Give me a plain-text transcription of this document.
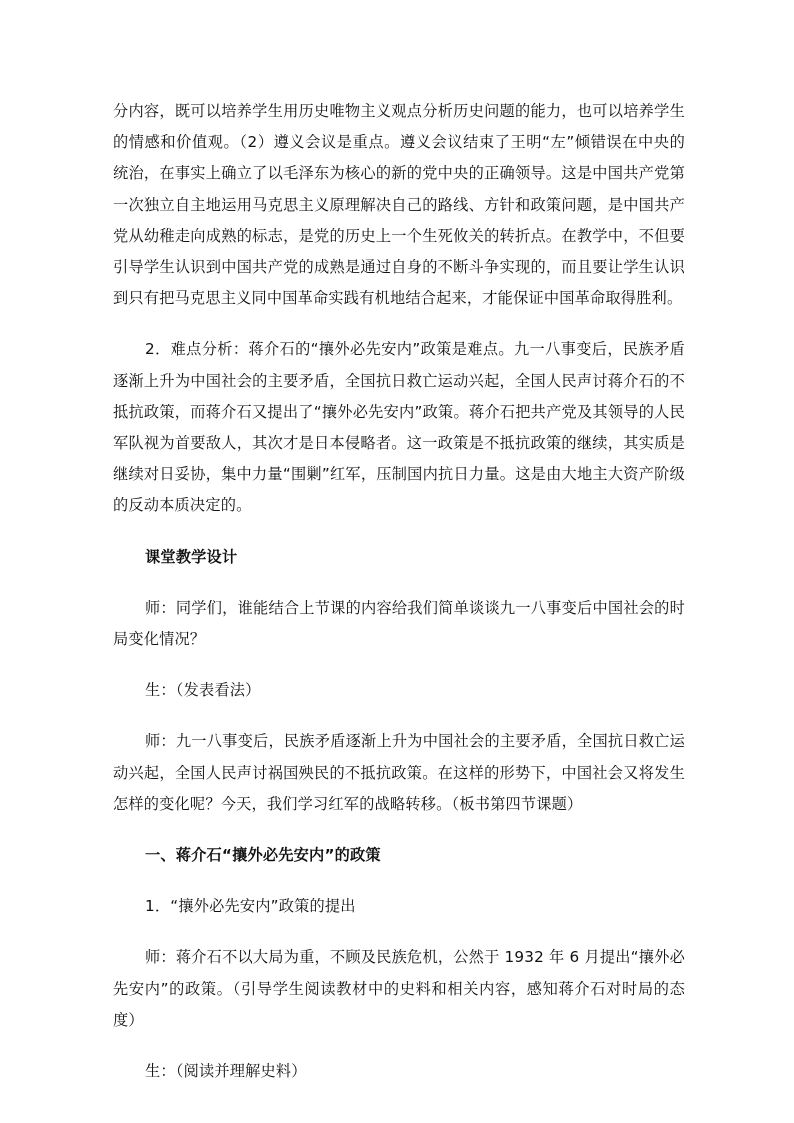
分内容，既可以培养学生用历史唯物主义观点分析历史问题的能力，也可以培养学生的情感和价值观。（2）遵义会议是重点。遵义会议结束了王明“左”倾错误在中央的统治，在事实上确立了以毛泽东为核心的新的党中央的正确领导。这是中国共产党第一次独立自主地运用马克思主义原理解决自己的路线、方针和政策问题，是中国共产党从幼稚走向成熟的标志，是党的历史上一个生死攸关的转折点。在教学中，不但要引导学生认识到中国共产党的成熟是通过自身的不断斗争实现的，而且要让学生认识到只有把马克思主义同中国革命实践有机地结合起来，才能保证中国革命取得胜利。

2．难点分析：蒋介石的“攘外必先安内”政策是难点。九一八事变后，民族矛盾逐渐上升为中国社会的主要矛盾，全国抗日救亡运动兴起，全国人民声讨蒋介石的不抵抗政策，而蒋介石又提出了“攘外必先安内”政策。蒋介石把共产党及其领导的人民军队视为首要敌人，其次才是日本侵略者。这一政策是不抵抗政策的继续，其实质是继续对日妥协，集中力量“围剿”红军，压制国内抗日力量。这是由大地主大资产阶级的反动本质决定的。

课堂教学设计

师：同学们，谁能结合上节课的内容给我们简单谈谈九一八事变后中国社会的时局变化情况？

生：（发表看法）

师：九一八事变后，民族矛盾逐渐上升为中国社会的主要矛盾，全国抗日救亡运动兴起，全国人民声讨祸国殃民的不抵抗政策。在这样的形势下，中国社会又将发生怎样的变化呢？今天，我们学习红军的战略转移。（板书第四节课题）

一、蒋介石“攘外必先安内”的政策

1．“攘外必先安内”政策的提出

师：蒋介石不以大局为重，不顾及民族危机，公然于 1932 年 6 月提出“攘外必先安内”的政策。（引导学生阅读教材中的史料和相关内容，感知蒋介石对时局的态度）

生：（阅读并理解史料）
